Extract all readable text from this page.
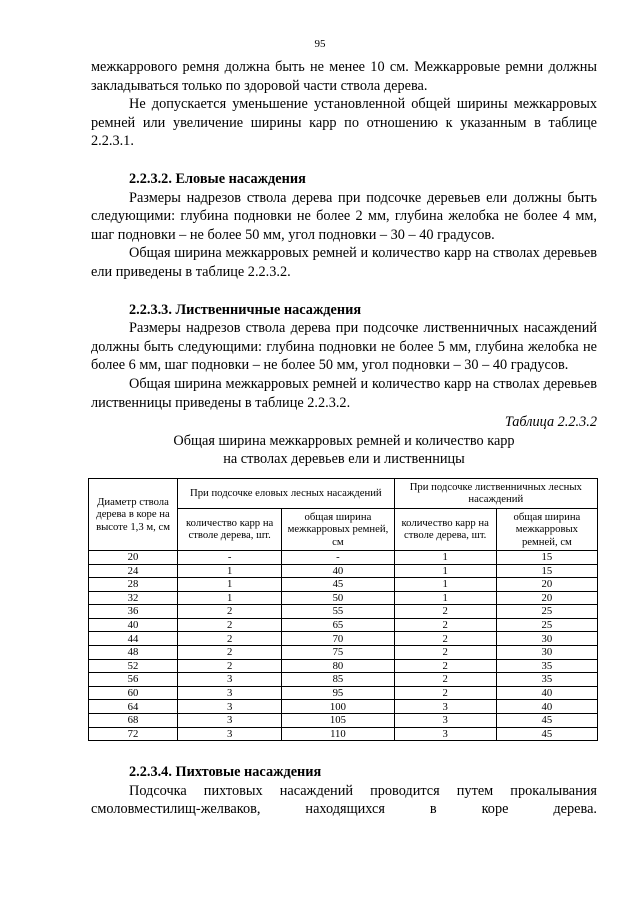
95

межкаррового ремня должна быть не менее 10 см. Межкарровые ремни должны закладываться только по здоровой части ствола дерева.

Не допускается уменьшение установленной общей ширины межкарровых ремней или увеличение ширины карр по отношению к указанным в таблице 2.2.3.1.

2.2.3.2. Еловые насаждения

Размеры надрезов ствола дерева при подсочке деревьев ели должны быть следующими: глубина подновки не более 2 мм, глубина желобка не более 4 мм, шаг подновки – не более 50 мм, угол подновки – 30 – 40 градусов.

Общая ширина межкарровых ремней и количество карр на стволах деревьев ели приведены в таблице 2.2.3.2.

2.2.3.3. Лиственничные насаждения

Размеры надрезов ствола дерева при подсочке лиственничных насаждений должны быть следующими: глубина подновки не более 5 мм, глубина желобка не более 6 мм, шаг подновки – не более 50 мм, угол подновки – 30 – 40 градусов.

Общая ширина межкарровых ремней и количество карр на стволах деревьев лиственницы приведены в таблице 2.2.3.2.

Таблица 2.2.3.2
Общая ширина межкарровых ремней и количество карр
на стволах деревьев ели и лиственницы
Диаметр ствола дерева в коре на высоте 1,3 м, см	При подсочке еловых лесных насаждений		При подсочке лиственничных лесных насаждений	
	количество карр на стволе дерева, шт.	общая ширина межкарровых ремней, см	количество карр на стволе дерева, шт.	общая ширина межкарровых ремней, см
20	-	-	1	15
24	1	40	1	15
28	1	45	1	20
32	1	50	1	20
36	2	55	2	25
40	2	65	2	25
44	2	70	2	30
48	2	75	2	30
52	2	80	2	35
56	3	85	2	35
60	3	95	2	40
64	3	100	3	40
68	3	105	3	45
72	3	110	3	45
2.2.3.4. Пихтовые насаждения

Подсочка пихтовых насаждений проводится путем прокалывания смоловместилищ-желваков, находящихся в коре дерева.
